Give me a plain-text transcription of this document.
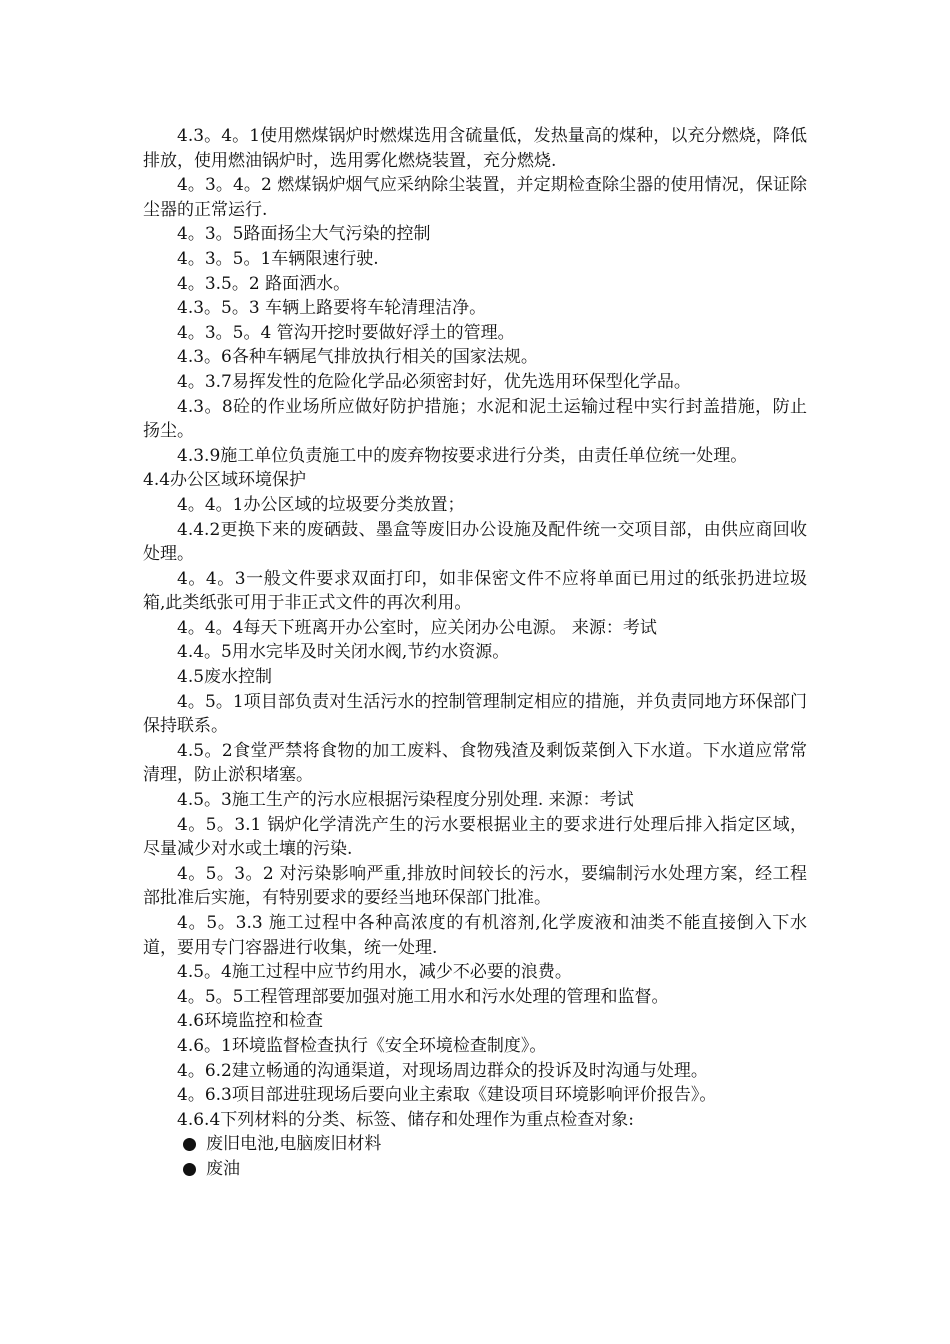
4.3。4。1使用燃煤锅炉时燃煤选用含硫量低，发热量高的煤种，以充分燃烧，降低排放，使用燃油锅炉时，选用雾化燃烧装置，充分燃烧.

4。3。4。2 燃煤锅炉烟气应采纳除尘装置，并定期检查除尘器的使用情况，保证除尘器的正常运行.

4。3。5路面扬尘大气污染的控制

4。3。5。1车辆限速行驶.

4。3.5。2 路面洒水。

4.3。5。3 车辆上路要将车轮清理洁净。

4。3。5。4 管沟开挖时要做好浮土的管理。

4.3。6各种车辆尾气排放执行相关的国家法规。

4。3.7易挥发性的危险化学品必须密封好，优先选用环保型化学品。

4.3。8砼的作业场所应做好防护措施；水泥和泥土运输过程中实行封盖措施，防止扬尘。

4.3.9施工单位负责施工中的废弃物按要求进行分类，由责任单位统一处理。

4.4办公区域环境保护

4。4。1办公区域的垃圾要分类放置；

4.4.2更换下来的废硒鼓、墨盒等废旧办公设施及配件统一交项目部，由供应商回收处理。

4。4。3一般文件要求双面打印，如非保密文件不应将单面已用过的纸张扔进垃圾箱,此类纸张可用于非正式文件的再次利用。

4。4。4每天下班离开办公室时，应关闭办公电源。 来源：考试

4.4。5用水完毕及时关闭水阀,节约水资源。

4.5废水控制

4。5。1项目部负责对生活污水的控制管理制定相应的措施，并负责同地方环保部门保持联系。

4.5。2食堂严禁将食物的加工废料、食物残渣及剩饭菜倒入下水道。下水道应常常清理，防止淤积堵塞。

4.5。3施工生产的污水应根据污染程度分别处理. 来源：考试

4。5。3.1 锅炉化学清洗产生的污水要根据业主的要求进行处理后排入指定区域，尽量减少对水或土壤的污染.

4。5。3。2 对污染影响严重,排放时间较长的污水，要编制污水处理方案，经工程部批准后实施，有特别要求的要经当地环保部门批准。

4。5。3.3 施工过程中各种高浓度的有机溶剂,化学废液和油类不能直接倒入下水道，要用专门容器进行收集，统一处理.

4.5。4施工过程中应节约用水，减少不必要的浪费。

4。5。5工程管理部要加强对施工用水和污水处理的管理和监督。

4.6环境监控和检查

4.6。1环境监督检查执行《安全环境检查制度》。

4。6.2建立畅通的沟通渠道，对现场周边群众的投诉及时沟通与处理。

4。6.3项目部进驻现场后要向业主索取《建设项目环境影响评价报告》。

4.6.4下列材料的分类、标签、储存和处理作为重点检查对象:

废旧电池,电脑废旧材料

废油
